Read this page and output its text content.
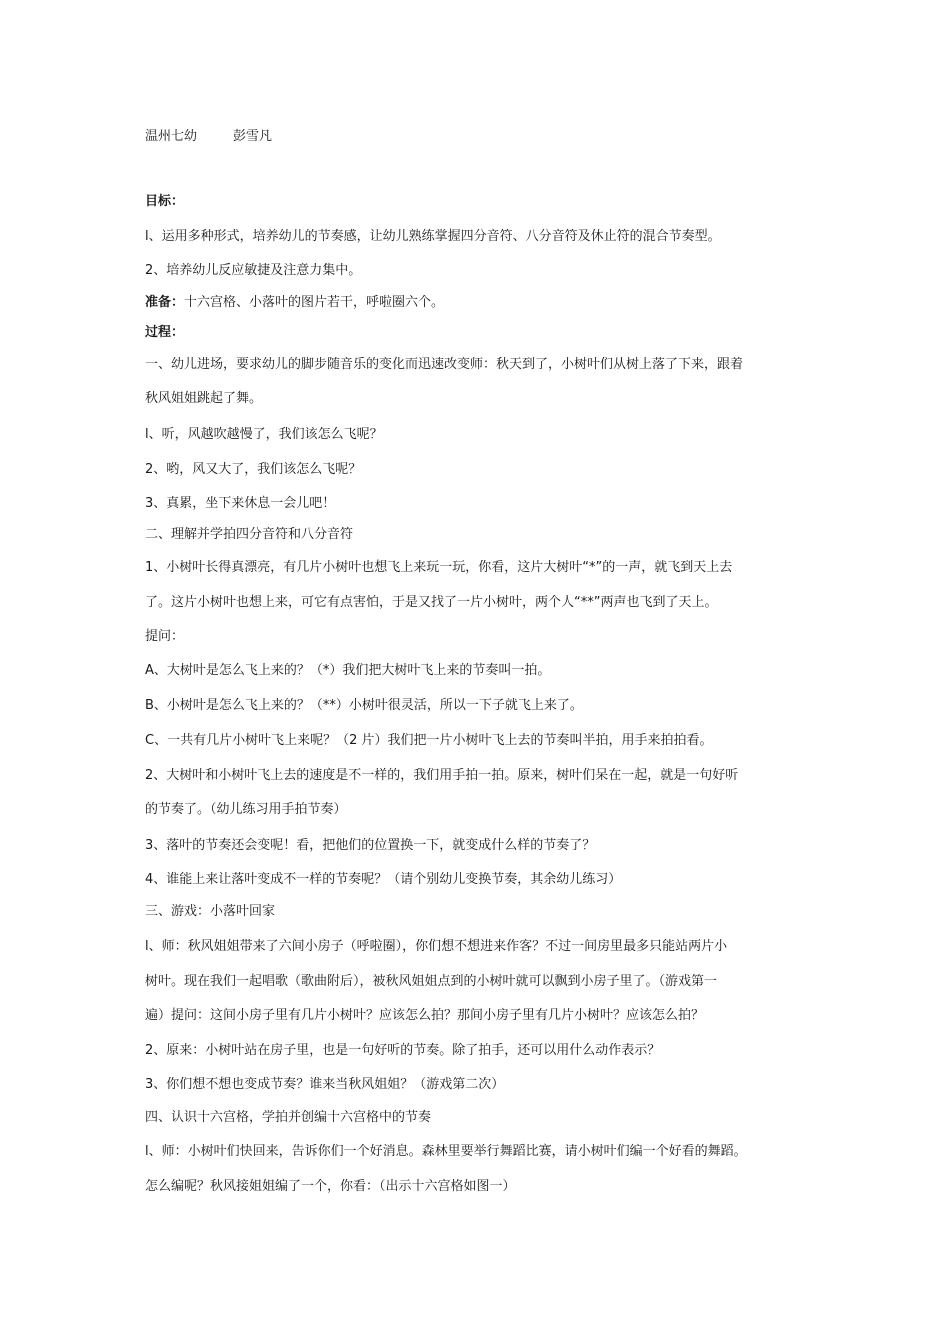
温州七幼	彭雪凡
目标：
l、运用多种形式，培养幼儿的节奏感，让幼儿熟练掌握四分音符、八分音符及休止符的混合节奏型。
2、培养幼儿反应敏捷及注意力集中。
准备：十六宫格、小落叶的图片若干，呼啦圈六个。
过程：
一、幼儿进场，要求幼儿的脚步随音乐的变化而迅速改变师：秋天到了，小树叶们从树上落了下来，跟着
秋风姐姐跳起了舞。
l、听，风越吹越慢了，我们该怎么飞呢？
2、哟，风又大了，我们该怎么飞呢？
3、真累，坐下来休息一会儿吧！
二、理解并学拍四分音符和八分音符
1、小树叶长得真漂亮，有几片小树叶也想飞上来玩一玩，你看，这片大树叶“*”的一声，就飞到天上去
了。这片小树叶也想上来，可它有点害怕，于是又找了一片小树叶，两个人“**”两声也飞到了天上。
提问：
A、大树叶是怎么飞上来的？（*）我们把大树叶飞上来的节奏叫一拍。
B、小树叶是怎么飞上来的？（**）小树叶很灵活，所以一下子就飞上来了。
C、一共有几片小树叶飞上来呢？（2 片）我们把一片小树叶飞上去的节奏叫半拍，用手来拍拍看。
2、大树叶和小树叶飞上去的速度是不一样的，我们用手拍一拍。原来，树叶们呆在一起，就是一句好听
的节奏了。（幼儿练习用手拍节奏）
3、落叶的节奏还会变呢！看，把他们的位置换一下，就变成什么样的节奏了？
4、谁能上来让落叶变成不一样的节奏呢？（请个别幼儿变换节奏，其余幼儿练习）
三、游戏：小落叶回家
l、师：秋风姐姐带来了六间小房子（呼啦圈），你们想不想进来作客？不过一间房里最多只能站两片小
树叶。现在我们一起唱歌（歌曲附后），被秋风姐姐点到的小树叶就可以飘到小房子里了。（游戏第一
遍）提问：这间小房子里有几片小树叶？应该怎么拍？那间小房子里有几片小树叶？应该怎么拍？
2、原来：小树叶站在房子里，也是一句好听的节奏。除了拍手，还可以用什么动作表示？
3、你们想不想也变成节奏？谁来当秋风姐姐？（游戏第二次）
四、认识十六宫格，学拍并创编十六宫格中的节奏
l、师：小树叶们快回来，告诉你们一个好消息。森林里要举行舞蹈比赛，请小树叶们编一个好看的舞蹈。
怎么编呢？秋风接姐姐编了一个，你看：（出示十六宫格如图一）
